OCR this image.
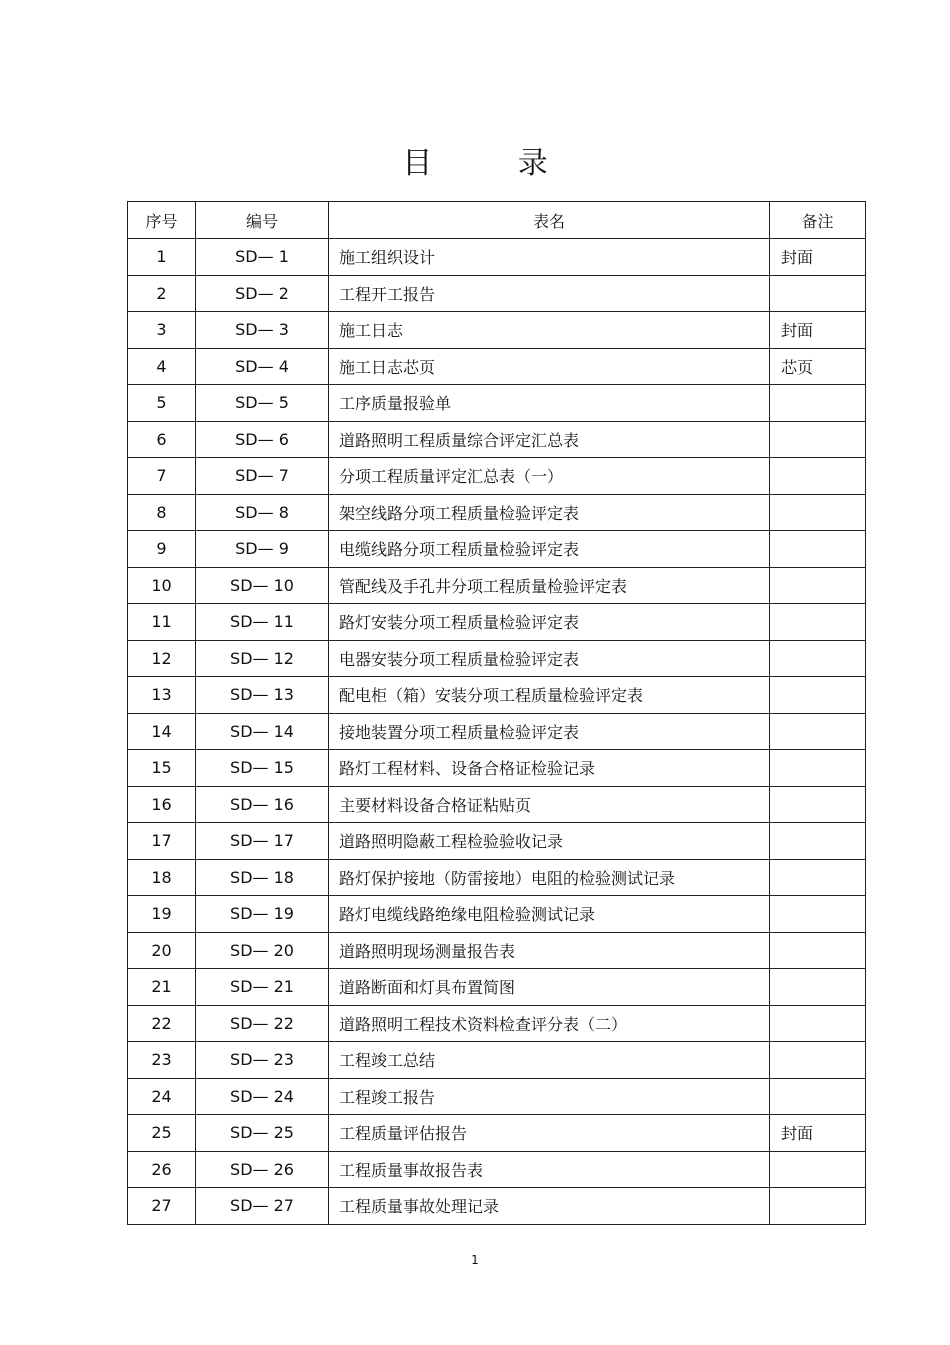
目 录
序号	编号	表名	备注
1	SD— 1	施工组织设计	封面
2	SD— 2	工程开工报告	
3	SD— 3	施工日志	封面
4	SD— 4	施工日志芯页	芯页
5	SD— 5	工序质量报验单	
6	SD— 6	道路照明工程质量综合评定汇总表	
7	SD— 7	分项工程质量评定汇总表（一）	
8	SD— 8	架空线路分项工程质量检验评定表	
9	SD— 9	电缆线路分项工程质量检验评定表	
10	SD— 10	管配线及手孔井分项工程质量检验评定表	
11	SD— 11	路灯安装分项工程质量检验评定表	
12	SD— 12	电器安装分项工程质量检验评定表	
13	SD— 13	配电柜（箱）安装分项工程质量检验评定表	
14	SD— 14	接地装置分项工程质量检验评定表	
15	SD— 15	路灯工程材料、设备合格证检验记录	
16	SD— 16	主要材料设备合格证粘贴页	
17	SD— 17	道路照明隐蔽工程检验验收记录	
18	SD— 18	路灯保护接地（防雷接地）电阻的检验测试记录	
19	SD— 19	路灯电缆线路绝缘电阻检验测试记录	
20	SD— 20	道路照明现场测量报告表	
21	SD— 21	道路断面和灯具布置简图	
22	SD— 22	道路照明工程技术资料检查评分表（二）	
23	SD— 23	工程竣工总结	
24	SD— 24	工程竣工报告	
25	SD— 25	工程质量评估报告	封面
26	SD— 26	工程质量事故报告表	
27	SD— 27	工程质量事故处理记录	
1
